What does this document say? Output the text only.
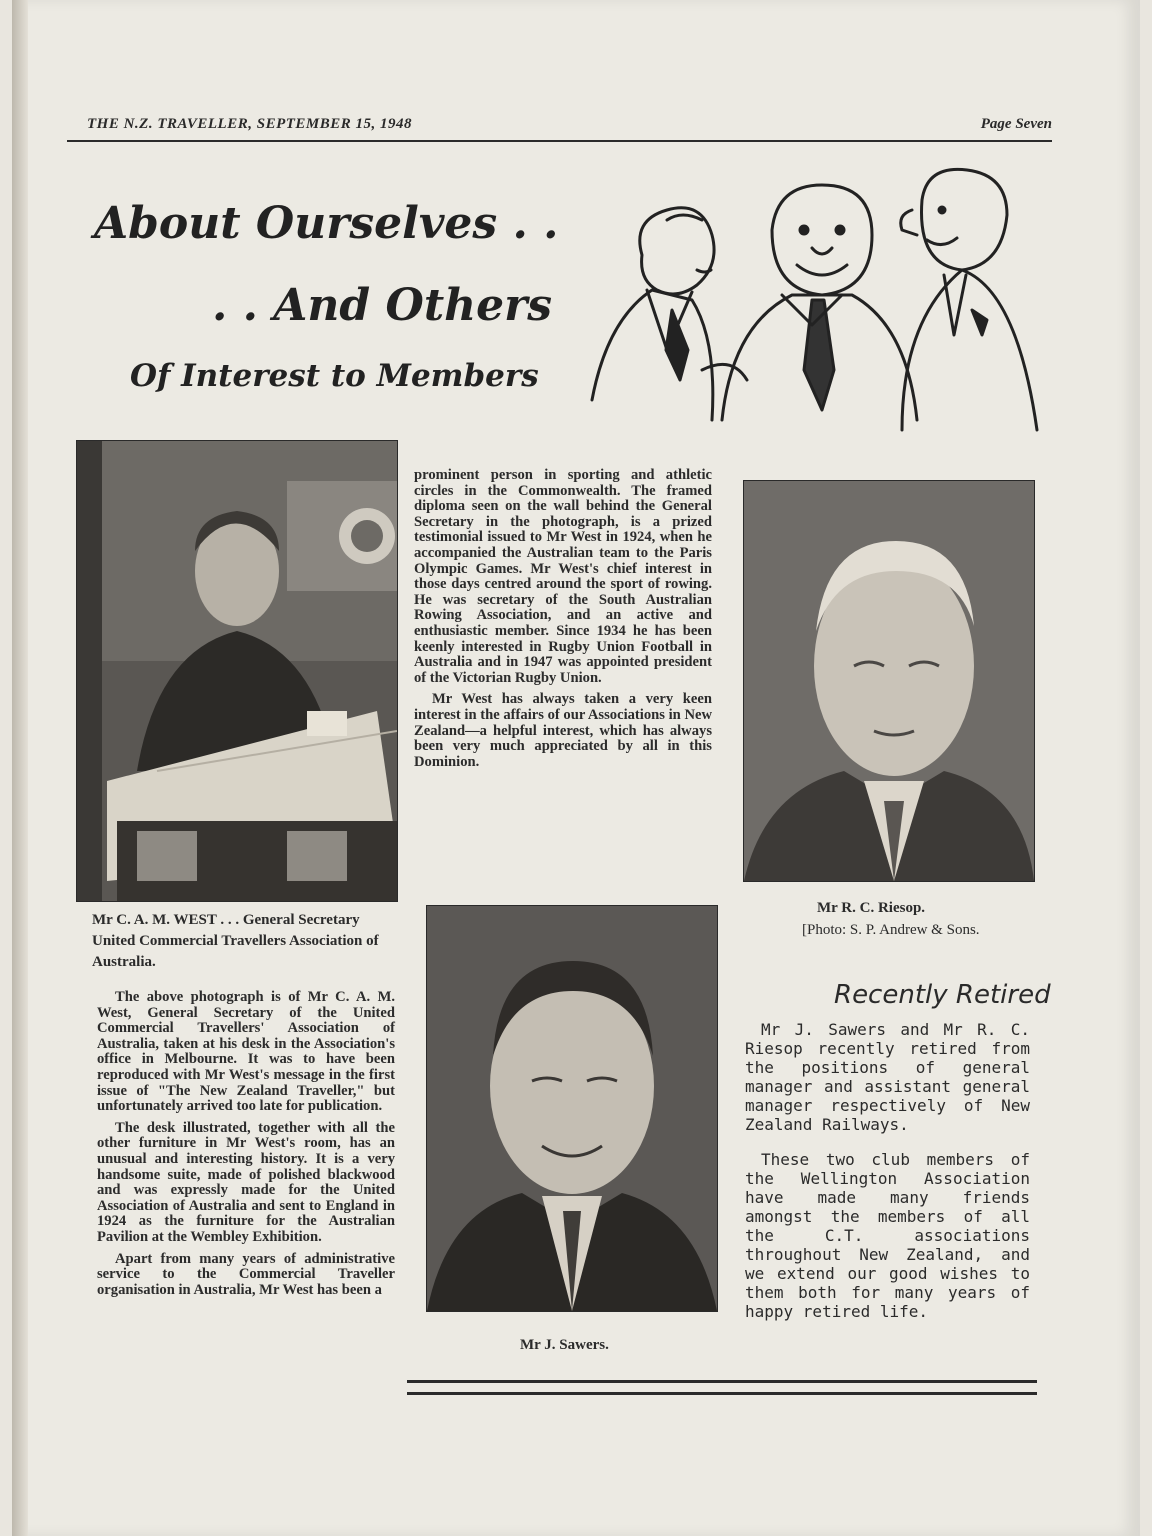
THE N.Z. TRAVELLER, SEPTEMBER 15, 1948	Page Seven
About Ourselves . .
. . And Others
Of Interest to Members
Mr C. A. M. WEST . . . General Secretary United Commercial Travellers Association of Australia.

The above photograph is of Mr C. A. M. West, General Secretary of the United Commercial Travellers' Association of Australia, taken at his desk in the Association's office in Melbourne. It was to have been reproduced with Mr West's message in the first issue of "The New Zealand Traveller," but unfortunately arrived too late for publication.

The desk illustrated, together with all the other furniture in Mr West's room, has an unusual and interesting history. It is a very handsome suite, made of polished blackwood and was expressly made for the United Association of Australia and sent to England in 1924 as the furniture for the Australian Pavilion at the Wembley Exhibition.

Apart from many years of administrative service to the Commercial Traveller organisation in Australia, Mr West has been a

prominent person in sporting and athletic circles in the Commonwealth. The framed diploma seen on the wall behind the General Secretary in the photograph, is a prized testimonial issued to Mr West in 1924, when he accompanied the Australian team to the Paris Olympic Games. Mr West's chief interest in those days centred around the sport of rowing. He was secretary of the South Australian Rowing Association, and an active and enthusiastic member. Since 1934 he has been keenly interested in Rugby Union Football in Australia and in 1947 was appointed president of the Victorian Rugby Union.

Mr West has always taken a very keen interest in the affairs of our Associations in New Zealand—a helpful interest, which has always been very much appreciated by all in this Dominion.

Mr R. C. Riesop.
[Photo: S. P. Andrew & Sons.
Mr J. Sawers.
Recently Retired

Mr J. Sawers and Mr R. C. Riesop recently retired from the positions of general manager and assistant general manager respectively of New Zealand Railways.

These two club members of the Wellington Association have made many friends amongst the members of all the C.T. associations throughout New Zealand, and we extend our good wishes to them both for many years of happy retired life.
